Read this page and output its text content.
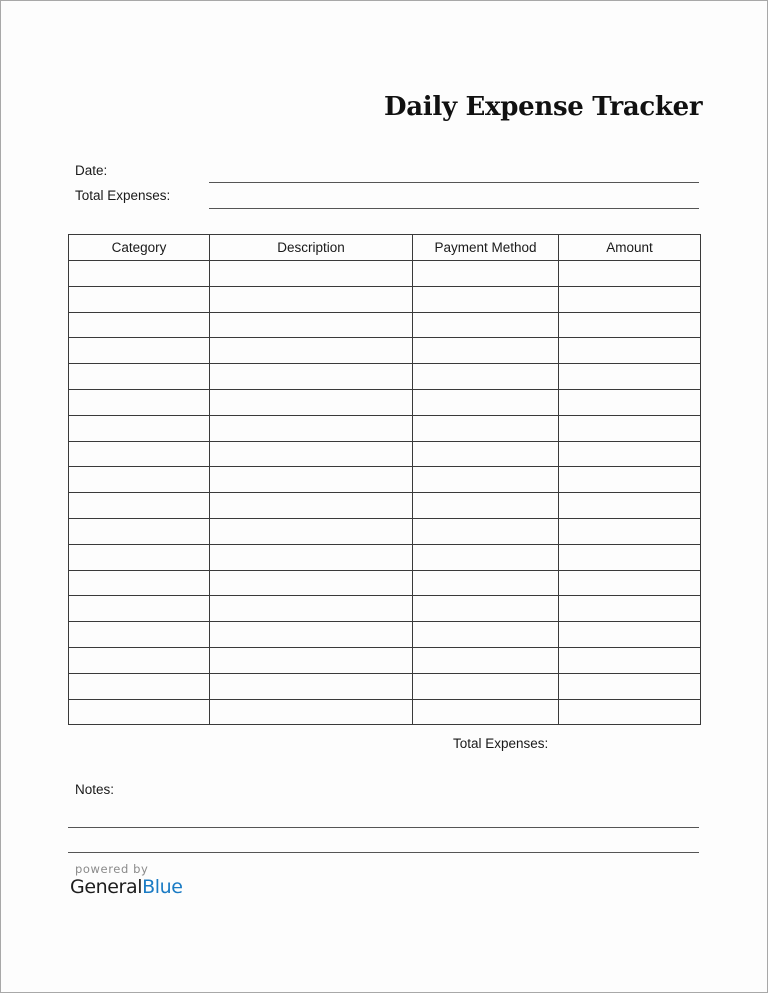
Daily Expense Tracker
Date:
Total Expenses:
Category	Description	Payment Method	Amount

Total Expenses:
Notes:
powered by
GeneralBlue
